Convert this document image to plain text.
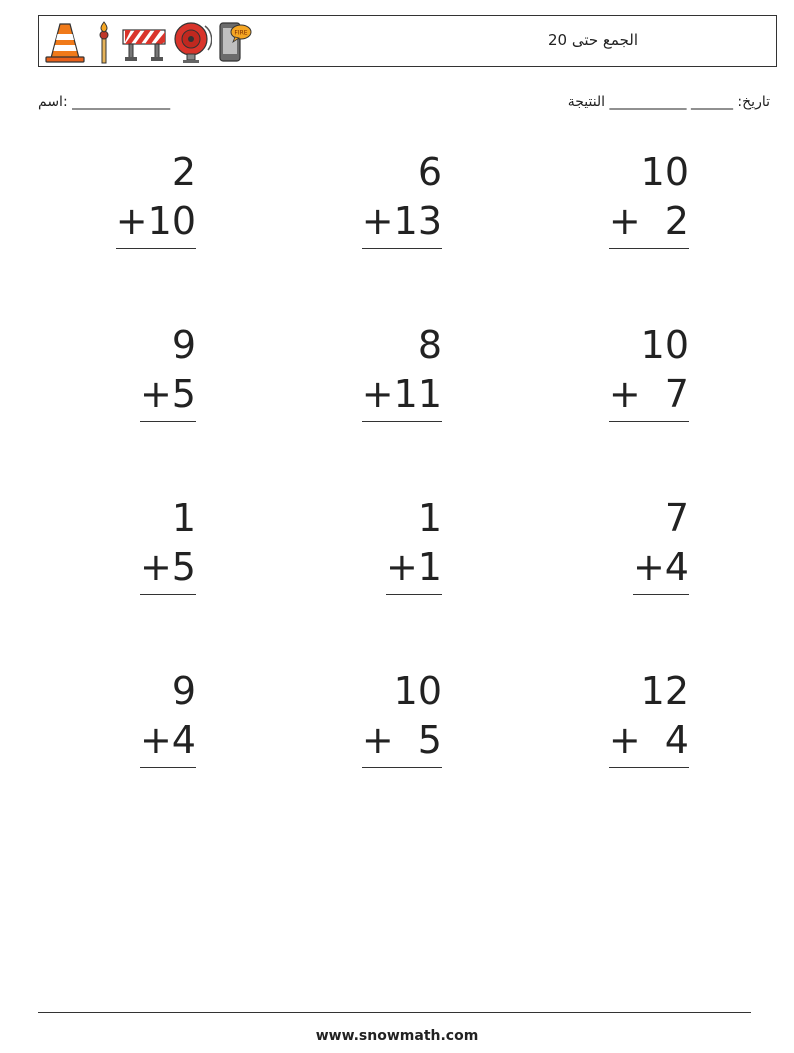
FIRE	الجمع حتى 20
اسم: ______________	تاريخ: ______ ___________ النتيجة
2
+10
6
+13
10
+  2
9
+5
8
+11
10
+  7
1
+5
1
+1
7
+4
9
+4
10
+  5
12
+  4
www.snowmath.com
